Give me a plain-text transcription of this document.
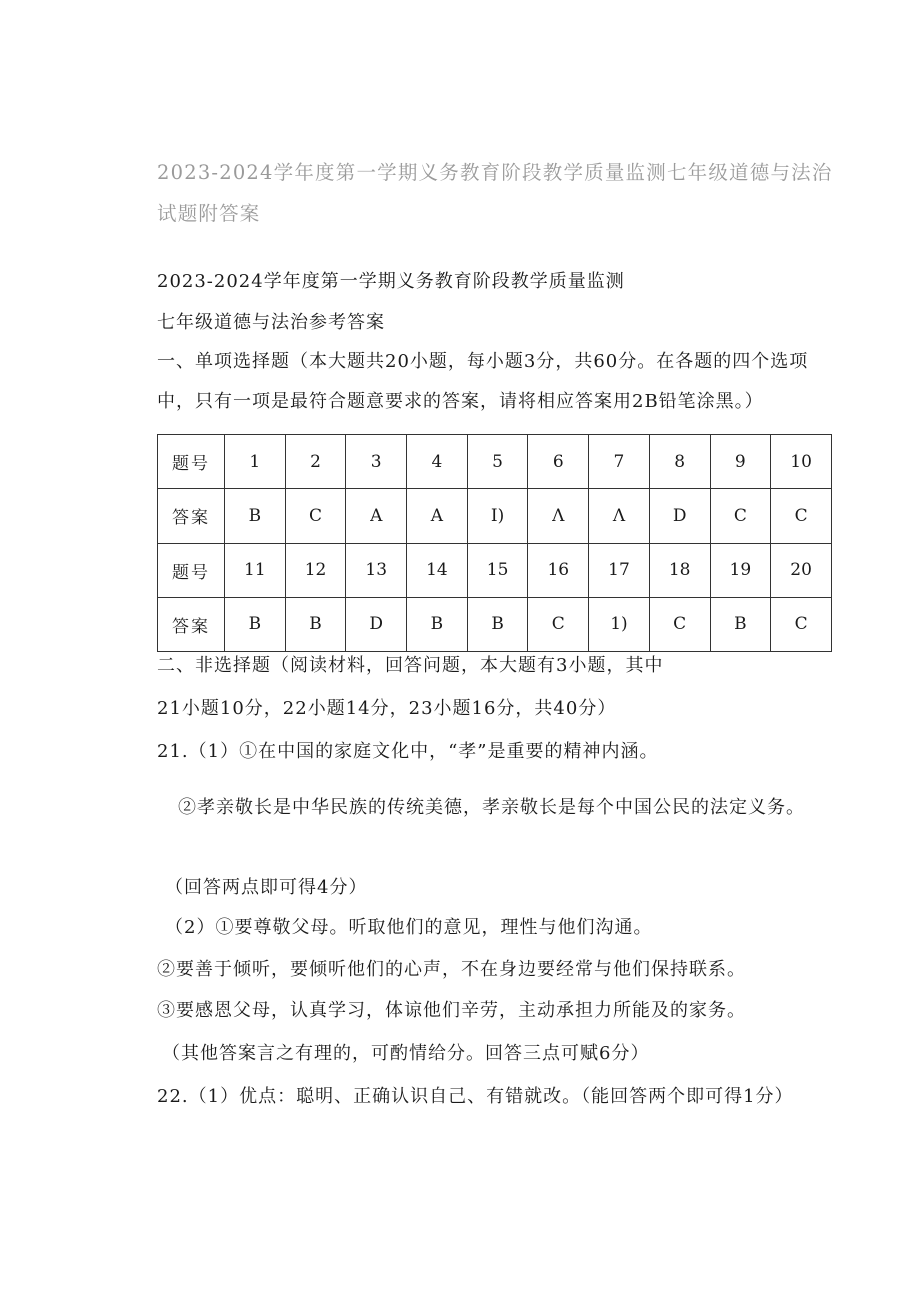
2023-2024学年度第一学期义务教育阶段教学质量监测七年级道德与法治试题附答案

2023-2024学年度第一学期义务教育阶段教学质量监测

七年级道德与法治参考答案

一、单项选择题（本大题共20小题，每小题3分，共60分。在各题的四个选项中，只有一项是最符合题意要求的答案，请将相应答案用2B铅笔涂黑。）

题号	1	2	3	4	5	6	7	8	9	10
答案	B	C	A	A	I)	Λ	Λ	D	C	C
题号	11	12	13	14	15	16	17	18	19	20
答案	B	B	D	B	B	C	1)	C	B	C

二、非选择题（阅读材料，回答问题，本大题有3小题，其中

21小题10分，22小题14分，23小题16分，共40分）

21.（1）①在中国的家庭文化中，“孝”是重要的精神内涵。

②孝亲敬长是中华民族的传统美德，孝亲敬长是每个中国公民的法定义务。

（回答两点即可得4分）

（2）①要尊敬父母。听取他们的意见，理性与他们沟通。

②要善于倾听，要倾听他们的心声，不在身边要经常与他们保持联系。

③要感恩父母，认真学习，体谅他们辛劳，主动承担力所能及的家务。

（其他答案言之有理的，可酌情给分。回答三点可赋6分）

22.（1）优点：聪明、正确认识自己、有错就改。（能回答两个即可得1分）
